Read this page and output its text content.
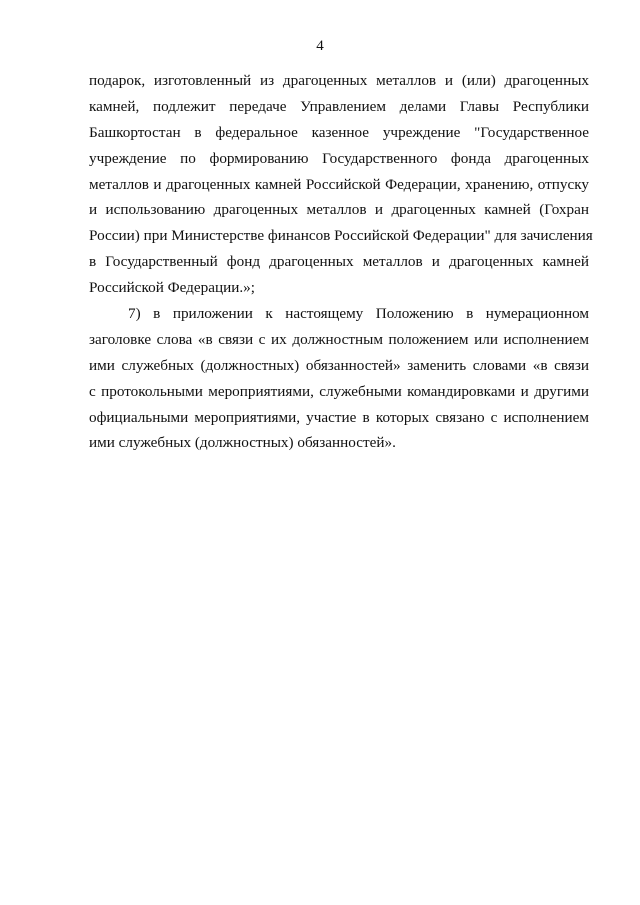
4
подарок, изготовленный из драгоценных металлов и (или) драгоценных
камней, подлежит передаче Управлением делами Главы Республики
Башкортостан в федеральное казенное учреждение "Государственное
учреждение по формированию Государственного фонда драгоценных
металлов и драгоценных камней Российской Федерации, хранению, отпуску
и использованию драгоценных металлов и драгоценных камней (Гохран
России) при Министерстве финансов Российской Федерации" для зачисления
в Государственный фонд драгоценных металлов и драгоценных камней
Российской Федерации.»;
7) в приложении к настоящему Положению в нумерационном
заголовке слова «в связи с их должностным положением или исполнением
ими служебных (должностных) обязанностей» заменить словами «в связи
с протокольными мероприятиями, служебными командировками и другими
официальными мероприятиями, участие в которых связано с исполнением
ими служебных (должностных) обязанностей».
